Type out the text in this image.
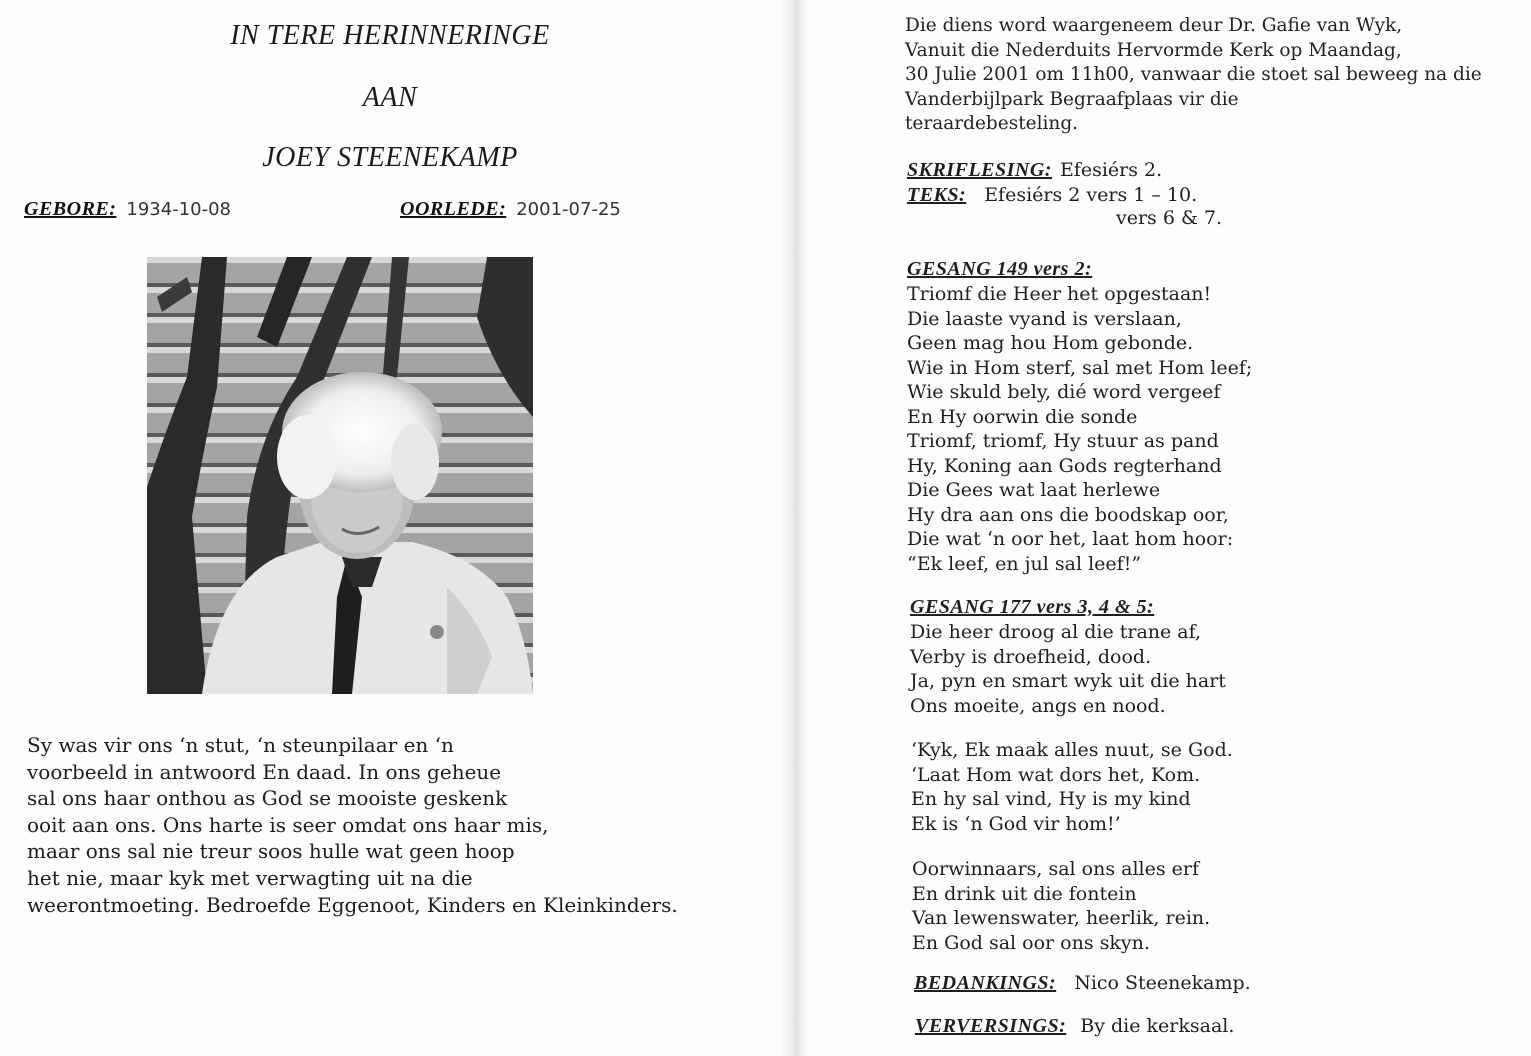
IN TERE HERINNERINGE
AAN
JOEY STEENEKAMP
GEBORE: 1934-10-08	OORLEDE: 2001-07-25
Sy was vir ons ‘n stut, ‘n steunpilaar en ‘n
voorbeeld in antwoord En daad. In ons geheue
sal ons haar onthou as God se mooiste geskenk
ooit aan ons. Ons harte is seer omdat ons haar mis,
maar ons sal nie treur soos hulle wat geen hoop
het nie, maar kyk met verwagting uit na die
weerontmoeting. Bedroefde Eggenoot, Kinders en Kleinkinders.
Die diens word waargeneem deur Dr. Gafie van Wyk,
Vanuit die Nederduits Hervormde Kerk op Maandag,
30 Julie 2001 om 11h00, vanwaar die stoet sal beweeg na die
Vanderbijlpark Begraafplaas vir die
teraardebesteling.
SKRIFLESING: Efesiérs 2.
TEKS: Efesiérs 2 vers 1 – 10.
vers 6 & 7.
GESANG 149 vers 2:
Triomf die Heer het opgestaan!
Die laaste vyand is verslaan,
Geen mag hou Hom gebonde.
Wie in Hom sterf, sal met Hom leef;
Wie skuld bely, dié word vergeef
En Hy oorwin die sonde
Triomf, triomf, Hy stuur as pand
Hy, Koning aan Gods regterhand
Die Gees wat laat herlewe
Hy dra aan ons die boodskap oor,
Die wat ‘n oor het, laat hom hoor:
“Ek leef, en jul sal leef!”
GESANG 177 vers 3, 4 & 5:
Die heer droog al die trane af,
Verby is droefheid, dood.
Ja, pyn en smart wyk uit die hart
Ons moeite, angs en nood.
‘Kyk, Ek maak alles nuut, se God.
‘Laat Hom wat dors het, Kom.
En hy sal vind, Hy is my kind
Ek is ‘n God vir hom!’
Oorwinnaars, sal ons alles erf
En drink uit die fontein
Van lewenswater, heerlik, rein.
En God sal oor ons skyn.
BEDANKINGS: Nico Steenekamp.
VERVERSINGS: By die kerksaal.
